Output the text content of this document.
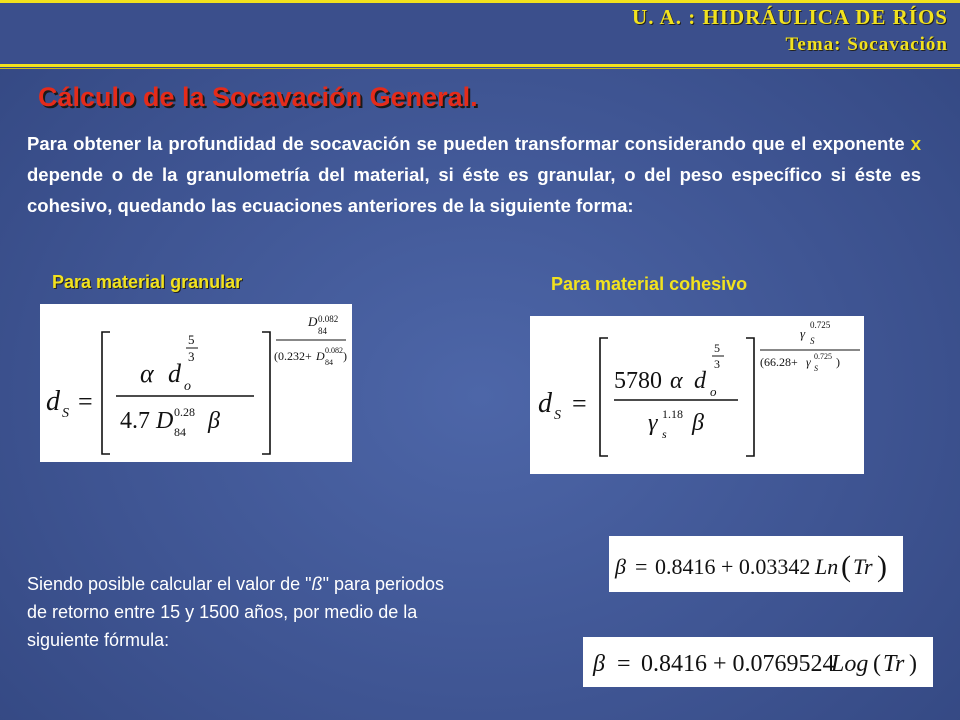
U. A. : HIDRÁULICA DE RÍOS
Tema: Socavación
Cálculo de la Socavación General.
Para obtener la profundidad de socavación se pueden transformar considerando que el exponente x depende o de la granulometría del material, si éste es granular, o del peso específico si éste es cohesivo, quedando las ecuaciones anteriores de la siguiente forma:
Para material granular	Para material cohesivo
d S =
α d o
5
3
4.7 D 0.28
84 β
D 0.082
84
(0.232+ D 0.082
84 )
d S =
5780 α d o
5
3
γ 1.18
s β
γ
0.725
S
(66.28+ γ 0.725
S )
β = 0.8416 + 0.03342 Ln ( Tr )
β = 0.8416 + 0.0769524
Log ( Tr )
Siendo posible calcular el valor de "ß" para periodos de retorno entre 15 y 1500 años, por medio de la siguiente fórmula:
